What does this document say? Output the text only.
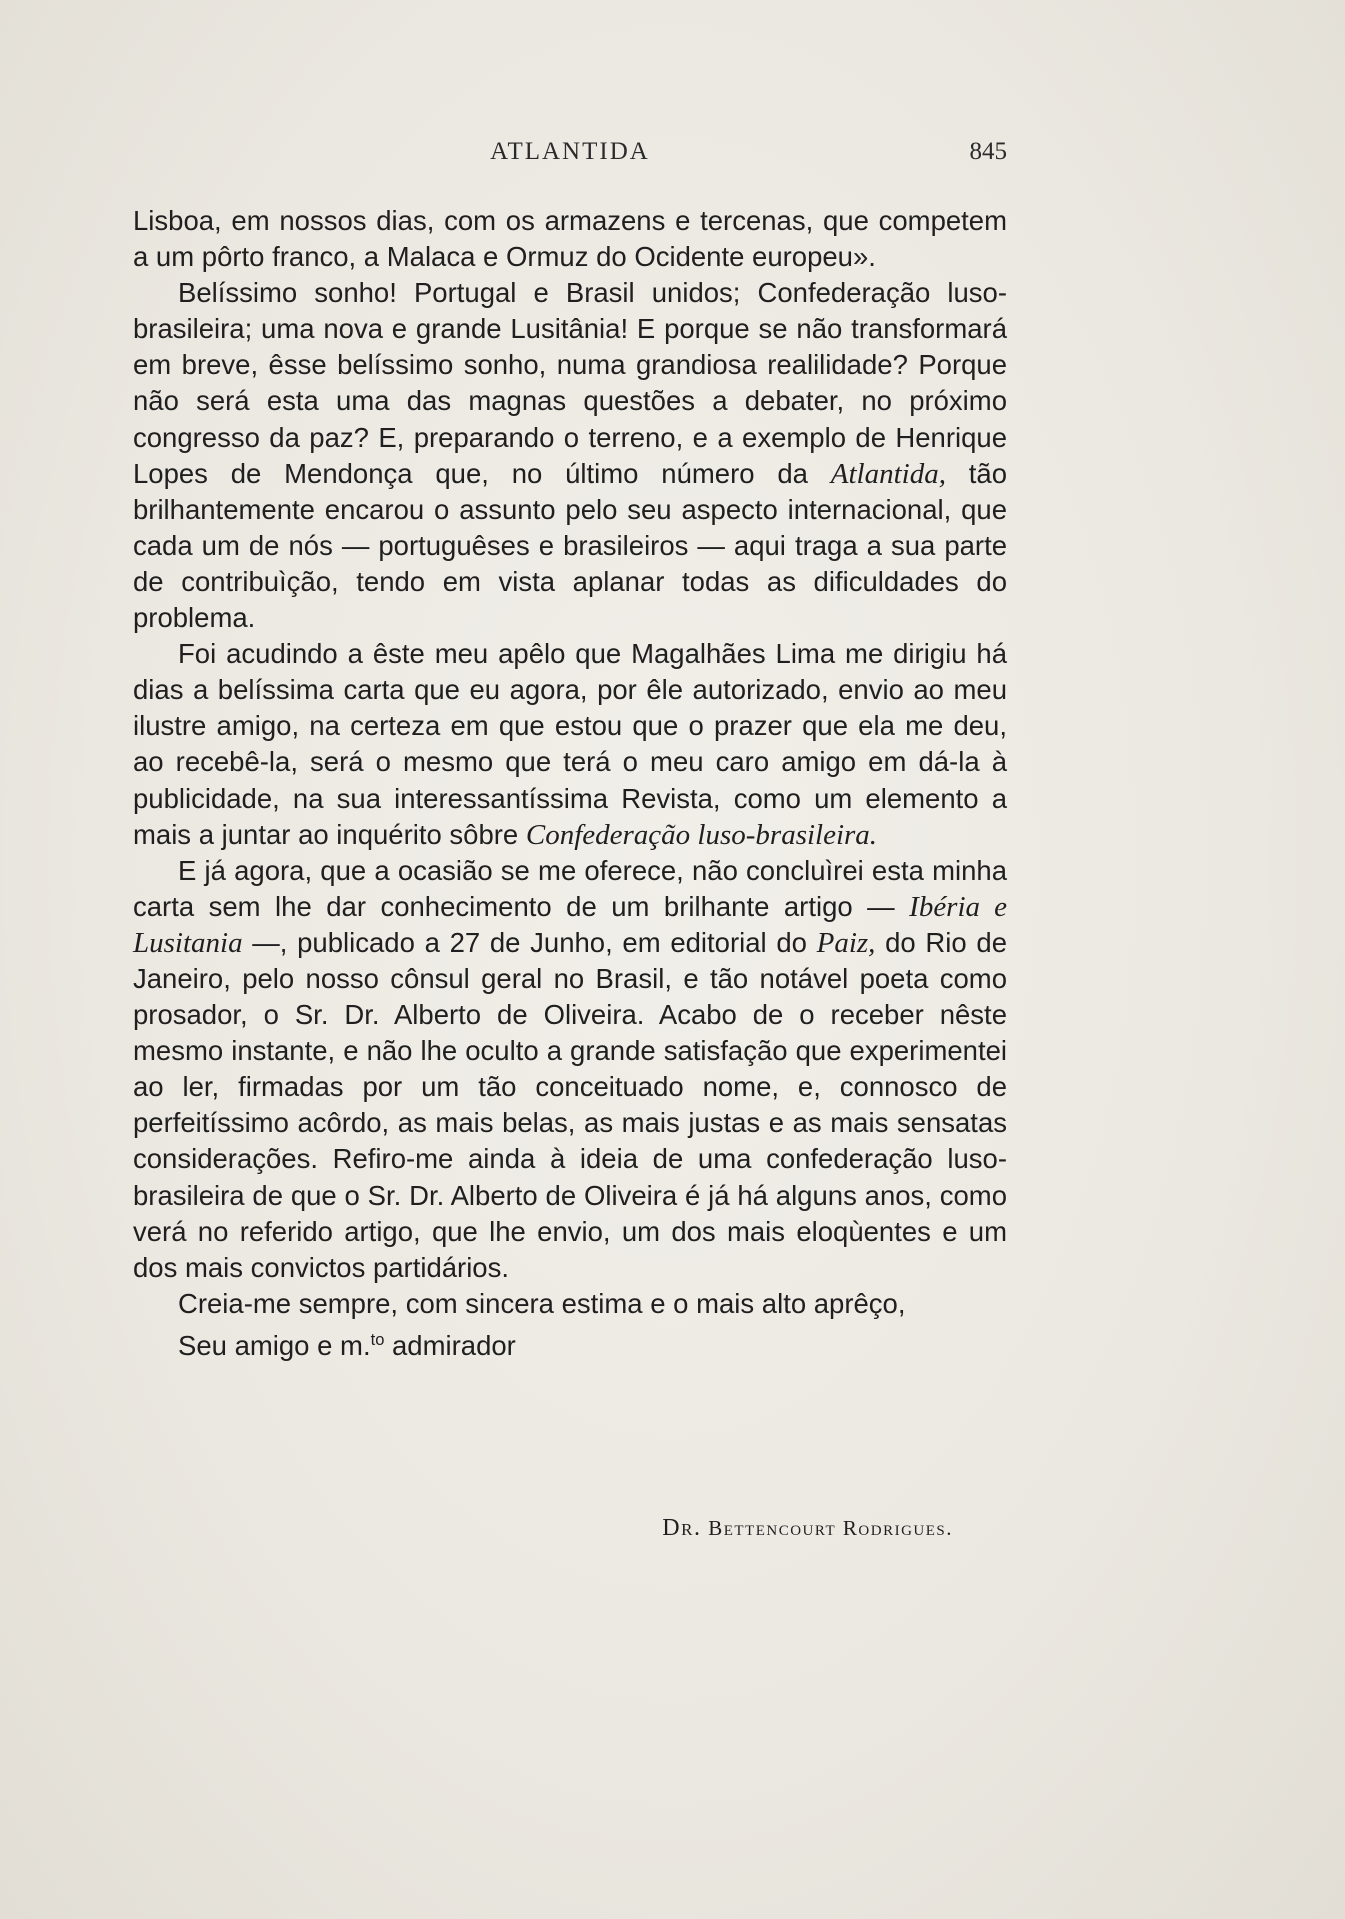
ATLANTIDA	845

Lisboa, em nossos dias, com os armazens e tercenas, que competem a um pôrto franco, a Malaca e Ormuz do Ocidente europeu».

Belíssimo sonho! Portugal e Brasil unidos; Confederação luso-brasileira; uma nova e grande Lusitânia! E porque se não transformará em breve, êsse belíssimo sonho, numa grandiosa realilidade? Porque não será esta uma das magnas questões a debater, no próximo congresso da paz? E, preparando o terreno, e a exemplo de Henrique Lopes de Mendonça que, no último número da Atlantida, tão brilhantemente encarou o assunto pelo seu aspecto internacional, que cada um de nós — portuguêses e brasileiros — aqui traga a sua parte de contribuìção, tendo em vista aplanar todas as dificuldades do problema.

Foi acudindo a êste meu apêlo que Magalhães Lima me dirigiu há dias a belíssima carta que eu agora, por êle autorizado, envio ao meu ilustre amigo, na certeza em que estou que o prazer que ela me deu, ao recebê-la, será o mesmo que terá o meu caro amigo em dá-la à publicidade, na sua interessantíssima Revista, como um elemento a mais a juntar ao inquérito sôbre Confederação luso-brasileira.

E já agora, que a ocasião se me oferece, não concluìrei esta minha carta sem lhe dar conhecimento de um brilhante artigo — Ibéria e Lusitania —, publicado a 27 de Junho, em editorial do Paiz, do Rio de Janeiro, pelo nosso cônsul geral no Brasil, e tão notável poeta como prosador, o Sr. Dr. Alberto de Oliveira. Acabo de o receber nêste mesmo instante, e não lhe oculto a grande satisfação que experimentei ao ler, firmadas por um tão conceituado nome, e, connosco de perfeitíssimo acôrdo, as mais belas, as mais justas e as mais sensatas considerações. Refiro-me ainda à ideia de uma confederação luso-brasileira de que o Sr. Dr. Alberto de Oliveira é já há alguns anos, como verá no referido artigo, que lhe envio, um dos mais eloqùentes e um dos mais convictos partidários.

Creia-me sempre, com sincera estima e o mais alto aprêço,

Seu amigo e m.$^{to}$ admirador

Dr. Bettencourt Rodrigues.
